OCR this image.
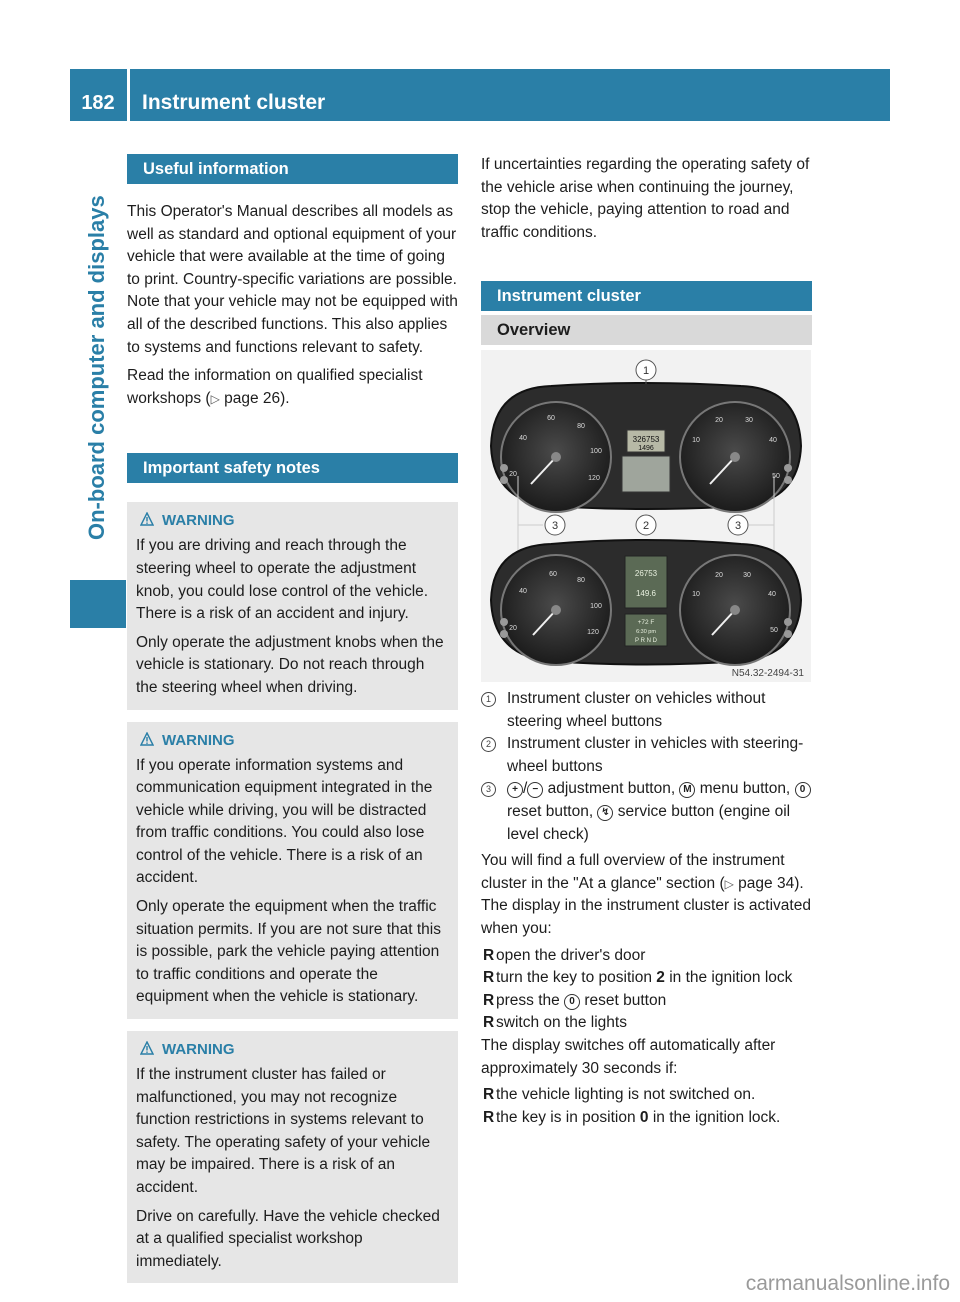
182	Instrument cluster
On-board computer and displays
Useful information

This Operator's Manual describes all models as well as standard and optional equipment of your vehicle that were available at the time of going to print. Country-specific variations are possible. Note that your vehicle may not be equipped with all of the described functions. This also applies to systems and functions relevant to safety.

Read the information on qualified specialist workshops (▷ page 26).

Important safety notes
WARNING

If you are driving and reach through the steering wheel to operate the adjustment knob, you could lose control of the vehicle. There is a risk of an accident and injury.

Only operate the adjustment knobs when the vehicle is stationary. Do not reach through the steering wheel when driving.

WARNING

If you operate information systems and communication equipment integrated in the vehicle while driving, you will be distracted from traffic conditions. You could also lose control of the vehicle. There is a risk of an accident.

Only operate the equipment when the traffic situation permits. If you are not sure that this is possible, park the vehicle paying attention to traffic conditions and operate the equipment when the vehicle is stationary.

WARNING

If the instrument cluster has failed or malfunctioned, you may not recognize function restrictions in systems relevant to safety. The operating safety of your vehicle may be impaired. There is a risk of an accident.

Drive on carefully. Have the vehicle checked at a qualified specialist workshop immediately.

If uncertainties regarding the operating safety of the vehicle arise when continuing the journey, stop the vehicle, paying attention to road and traffic conditions.

Instrument cluster
Overview
326753
1496
20
40
60
80
100
120
10
20	30
40
50
1
2
3	3
26753
149.6
+72 F
6:30 pm
P R N D
20
40
60
80
100
120
10
20	30
40
50
N54.32-2494-31

1	Instrument cluster on vehicles without steering wheel buttons

2	Instrument cluster in vehicles with steering-wheel buttons

3	+ / − adjustment button, M menu button, 0 reset button, ↯ service button (engine oil level check)

You will find a full overview of the instrument cluster in the "At a glance" section (▷ page 34).

The display in the instrument cluster is activated when you:

R open the driver's door

R turn the key to position 2 in the ignition lock

R press the 0 reset button

R switch on the lights

The display switches off automatically after approximately 30 seconds if:

R the vehicle lighting is not switched on.

R the key is in position 0 in the ignition lock.

carmanualsonline.info
